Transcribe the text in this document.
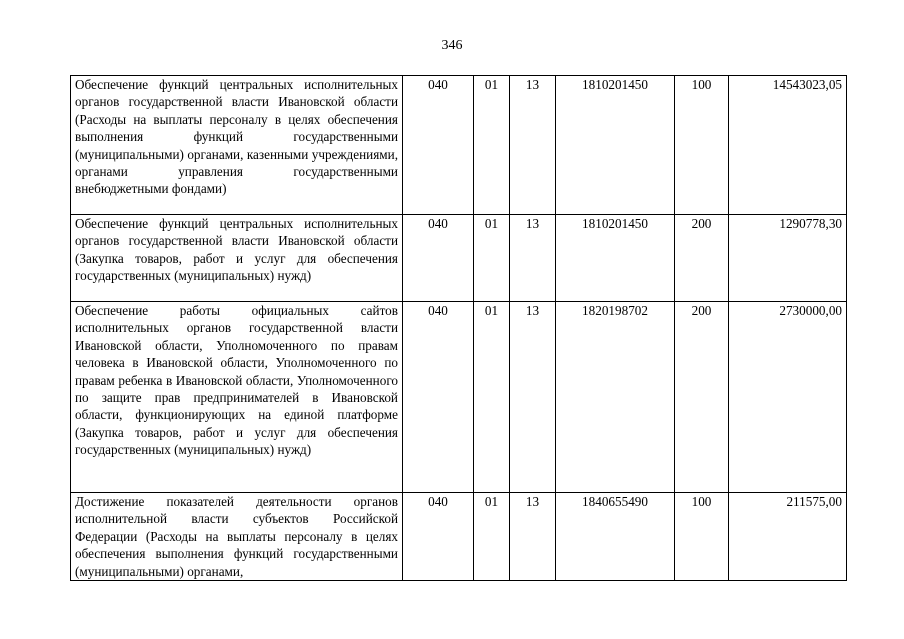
346
Обеспечение функций центральных исполнительных органов государственной власти Ивановской области (Расходы на выплаты персоналу в целях обеспечения выполнения функций государственными (муниципальными) органами, казенными учреждениями, органами управления государственными внебюджетными фондами)	040	01	13	1810201450	100	14543023,05
Обеспечение функций центральных исполнительных органов государственной власти Ивановской области (Закупка товаров, работ и услуг для обеспечения государственных (муниципальных) нужд)	040	01	13	1810201450	200	1290778,30
Обеспечение работы официальных сайтов исполнительных органов государственной власти Ивановской области, Уполномоченного по правам человека в Ивановской области, Уполномоченного по правам ребенка в Ивановской области, Уполномоченного по защите прав предпринимателей в Ивановской области, функционирующих на единой платформе (Закупка товаров, работ и услуг для обеспечения государственных (муниципальных) нужд)	040	01	13	1820198702	200	2730000,00
Достижение показателей деятельности органов исполнительной власти субъектов Российской Федерации (Расходы на выплаты персоналу в целях обеспечения выполнения функций государственными (муниципальными) органами,	040	01	13	1840655490	100	211575,00
